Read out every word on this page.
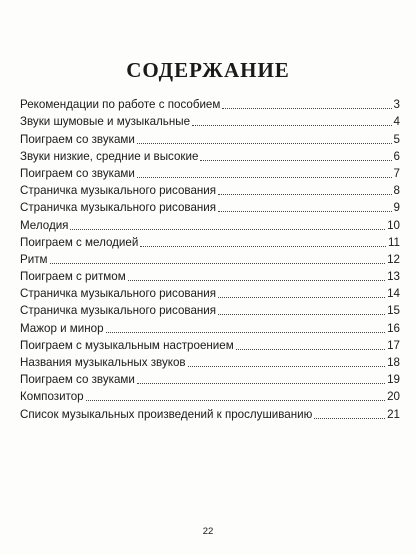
СОДЕРЖАНИЕ
Рекомендации по работе с пособием	3
Звуки шумовые и музыкальные	4
Поиграем со звуками	5
Звуки низкие, средние и высокие	6
Поиграем со звуками	7
Страничка музыкального рисования	8
Страничка музыкального рисования	9
Мелодия	10
Поиграем с мелодией	11
Ритм	12
Поиграем с ритмом	13
Страничка музыкального рисования	14
Страничка музыкального рисования	15
Мажор и минор	16
Поиграем с музыкальным настроением	17
Названия музыкальных звуков	18
Поиграем со звуками	19
Композитор	20
Список музыкальных произведений к прослушиванию	21
22
